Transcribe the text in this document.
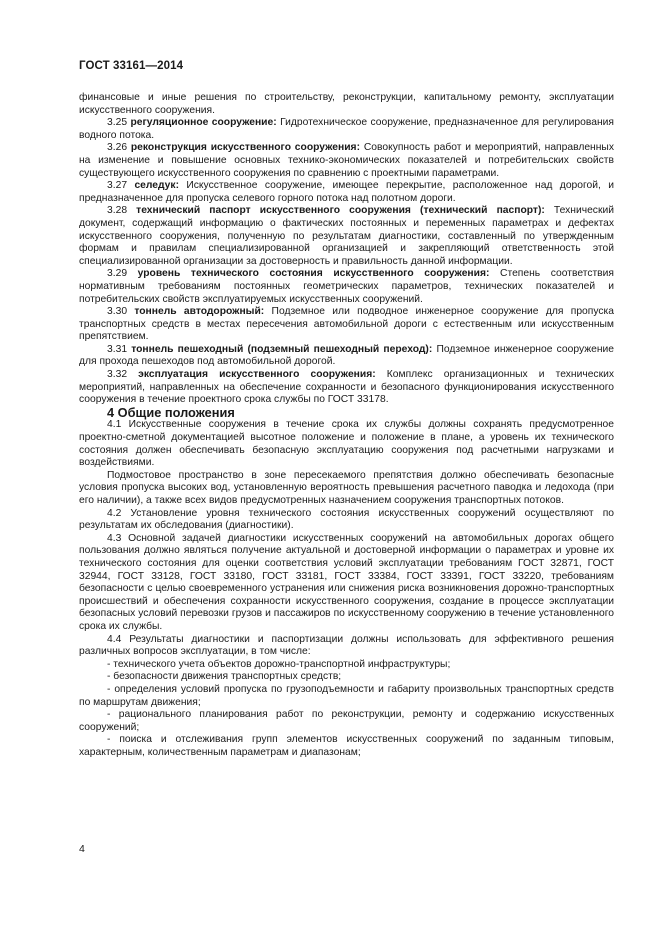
ГОСТ 33161—2014

финансовые и иные решения по строительству, реконструкции, капитальному ремонту, эксплуатации искусственного сооружения.

3.25 регуляционное сооружение: Гидротехническое сооружение, предназначенное для регулирования водного потока.

3.26 реконструкция искусственного сооружения: Совокупность работ и мероприятий, направленных на изменение и повышение основных технико-экономических показателей и потребительских свойств существующего искусственного сооружения по сравнению с проектными параметрами.

3.27 селедук: Искусственное сооружение, имеющее перекрытие, расположенное над дорогой, и предназначенное для пропуска селевого горного потока над полотном дороги.

3.28 технический паспорт искусственного сооружения (технический паспорт): Технический документ, содержащий информацию о фактических постоянных и переменных параметрах и дефектах искусственного сооружения, полученную по результатам диагностики, составленный по утвержденным формам и правилам специализированной организацией и закрепляющий ответственность этой специализированной организации за достоверность и правильность данной информации.

3.29 уровень технического состояния искусственного сооружения: Степень соответствия нормативным требованиям постоянных геометрических параметров, технических показателей и потребительских свойств эксплуатируемых искусственных сооружений.

3.30 тоннель автодорожный: Подземное или подводное инженерное сооружение для пропуска транспортных средств в местах пересечения автомобильной дороги с естественным или искусственным препятствием.

3.31 тоннель пешеходный (подземный пешеходный переход): Подземное инженерное сооружение для прохода пешеходов под автомобильной дорогой.

3.32 эксплуатация искусственного сооружения: Комплекс организационных и технических мероприятий, направленных на обеспечение сохранности и безопасного функционирования искусственного сооружения в течение проектного срока службы по ГОСТ 33178.

4 Общие положения

4.1 Искусственные сооружения в течение срока их службы должны сохранять предусмотренное проектно-сметной документацией высотное положение и положение в плане, а уровень их технического состояния должен обеспечивать безопасную эксплуатацию сооружения под расчетными нагрузками и воздействиями.

Подмостовое пространство в зоне пересекаемого препятствия должно обеспечивать безопасные условия пропуска высоких вод, установленную вероятность превышения расчетного паводка и ледохода (при его наличии), а также всех видов предусмотренных назначением сооружения транспортных потоков.

4.2 Установление уровня технического состояния искусственных сооружений осуществляют по результатам их обследования (диагностики).

4.3 Основной задачей диагностики искусственных сооружений на автомобильных дорогах общего пользования должно являться получение актуальной и достоверной информации о параметрах и уровне их технического состояния для оценки соответствия условий эксплуатации требованиям ГОСТ 32871, ГОСТ 32944, ГОСТ 33128, ГОСТ 33180, ГОСТ 33181, ГОСТ 33384, ГОСТ 33391, ГОСТ 33220, требованиям безопасности с целью своевременного устранения или снижения риска возникновения дорожно-транспортных происшествий и обеспечения сохранности искусственного сооружения, создание в процессе эксплуатации безопасных условий перевозки грузов и пассажиров по искусственному сооружению в течение установленного срока их службы.

4.4 Результаты диагностики и паспортизации должны использовать для эффективного решения различных вопросов эксплуатации, в том числе:

- технического учета объектов дорожно-транспортной инфраструктуры;

- безопасности движения транспортных средств;

- определения условий пропуска по грузоподъемности и габариту произвольных транспортных средств по маршрутам движения;

- рационального планирования работ по реконструкции, ремонту и содержанию искусственных сооружений;

- поиска и отслеживания групп элементов искусственных сооружений по заданным типовым, характерным, количественным параметрам и диапазонам;

4
